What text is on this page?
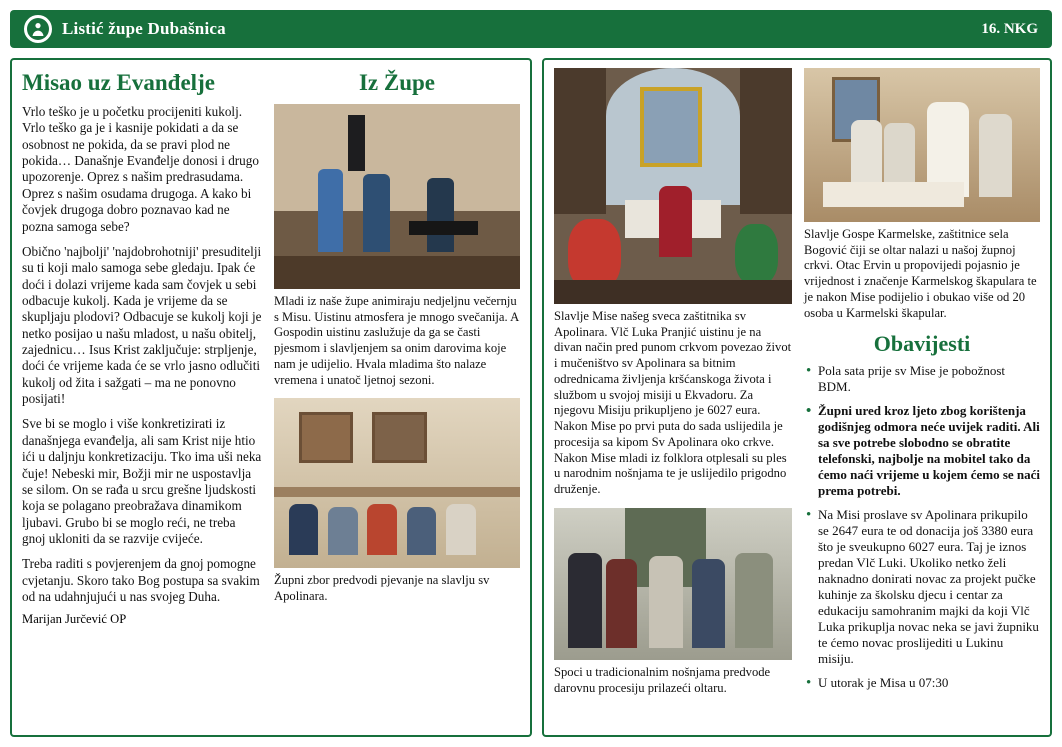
Listić župe Dubašnica	16. NKG
Misao uz Evanđelje

Vrlo teško je u početku procijeniti kukolj. Vrlo teško ga je i kasnije pokidati a da se osobnost ne pokida, da se pravi plod ne pokida… Današnje Evanđelje donosi i drugo upozorenje. Oprez s našim predrasudama. Oprez s našim osudama drugoga. A kako bi čovjek drugoga dobro poznavao kad ne pozna samoga sebe?

Obično 'najbolji' 'najdobrohotniji' presuditelji su ti koji malo samoga sebe gledaju. Ipak će doći i dolazi vrijeme kada sam čovjek u sebi odbacuje kukolj. Kada je vrijeme da se skupljaju plodovi? Odbacuje se kukolj koji je netko posijao u našu mladost, u našu obitelj, zajednicu… Isus Krist zaključuje: strpljenje, doći će vrijeme kada će se vrlo jasno odlučiti kukolj od žita i sažgati – ma ne ponovno posijati!

Sve bi se moglo i više konkretizirati iz današnjega evanđelja, ali sam Krist nije htio ići u daljnju konkretizaciju. Tko ima uši neka čuje! Nebeski mir, Božji mir ne uspostavlja se silom. On se rađa u srcu grešne ljudskosti koja se polagano preobražava dinamikom ljubavi. Grubo bi se moglo reći, ne treba gnoj ukloniti da se razvije cvijeće.

Treba raditi s povjerenjem da gnoj pomogne cvjetanju. Skoro tako Bog postupa sa svakim od na udahnjujući u nas svojeg Duha.

Marijan Jurčević OP
Iz Župe
Mladi iz naše župe animiraju nedjeljnu večernju s Misu. Uistinu atmosfera je mnogo svečanija. A Gospodin uistinu zaslužuje da ga se časti pjesmom i slavljenjem sa onim darovima koje nam je udijelio. Hvala mladima što nalaze vremena i unatoč ljetnoj sezoni.
Župni zbor predvodi pjevanje na slavlju sv Apolinara.
Slavlje Mise našeg sveca zaštitnika sv Apolinara. Vlč Luka Pranjić uistinu je na divan način pred punom crkvom povezao život i mučeništvo sv Apolinara sa bitnim odrednicama življenja kršćanskoga života i službom u svojoj misiji u Ekvadoru. Za njegovu Misiju prikupljeno je 6027 eura. Nakon Mise po prvi puta do sada uslijedila je procesija sa kipom Sv Apolinara oko crkve. Nakon Mise mladi iz folklora otplesali su ples u narodnim nošnjama te je uslijedilo prigodno druženje.
Spoci u tradicionalnim nošnjama predvode darovnu procesiju prilazeći oltaru.
Slavlje Gospe Karmelske, zaštitnice sela Bogović čiji se oltar nalazi u našoj župnoj crkvi. Otac Ervin u propovijedi pojasnio je vrijednost i značenje Karmelskog škapulara te je nakon Mise podijelio i obukao više od 20 osoba u Karmelski škapular.
Obavijesti
• Pola sata prije sv Mise je pobožnost BDM.
• Župni ured kroz ljeto zbog korištenja godišnjeg odmora neće uvijek raditi. Ali sa sve potrebe slobodno se obratite telefonski, najbolje na mobitel tako da ćemo naći vrijeme u kojem ćemo se naći prema potrebi.
• Na Misi proslave sv Apolinara prikupilo se 2647 eura te od donacija još 3380 eura što je sveukupno 6027 eura. Taj je iznos predan Vlč Luki. Ukoliko netko želi naknadno donirati novac za projekt pučke kuhinje za školsku djecu i centar za edukaciju samohranim majki da koji Vlč Luka prikuplja novac neka se javi župniku te ćemo novac proslijediti u Lukinu misiju.
• U utorak je Misa u 07:30
